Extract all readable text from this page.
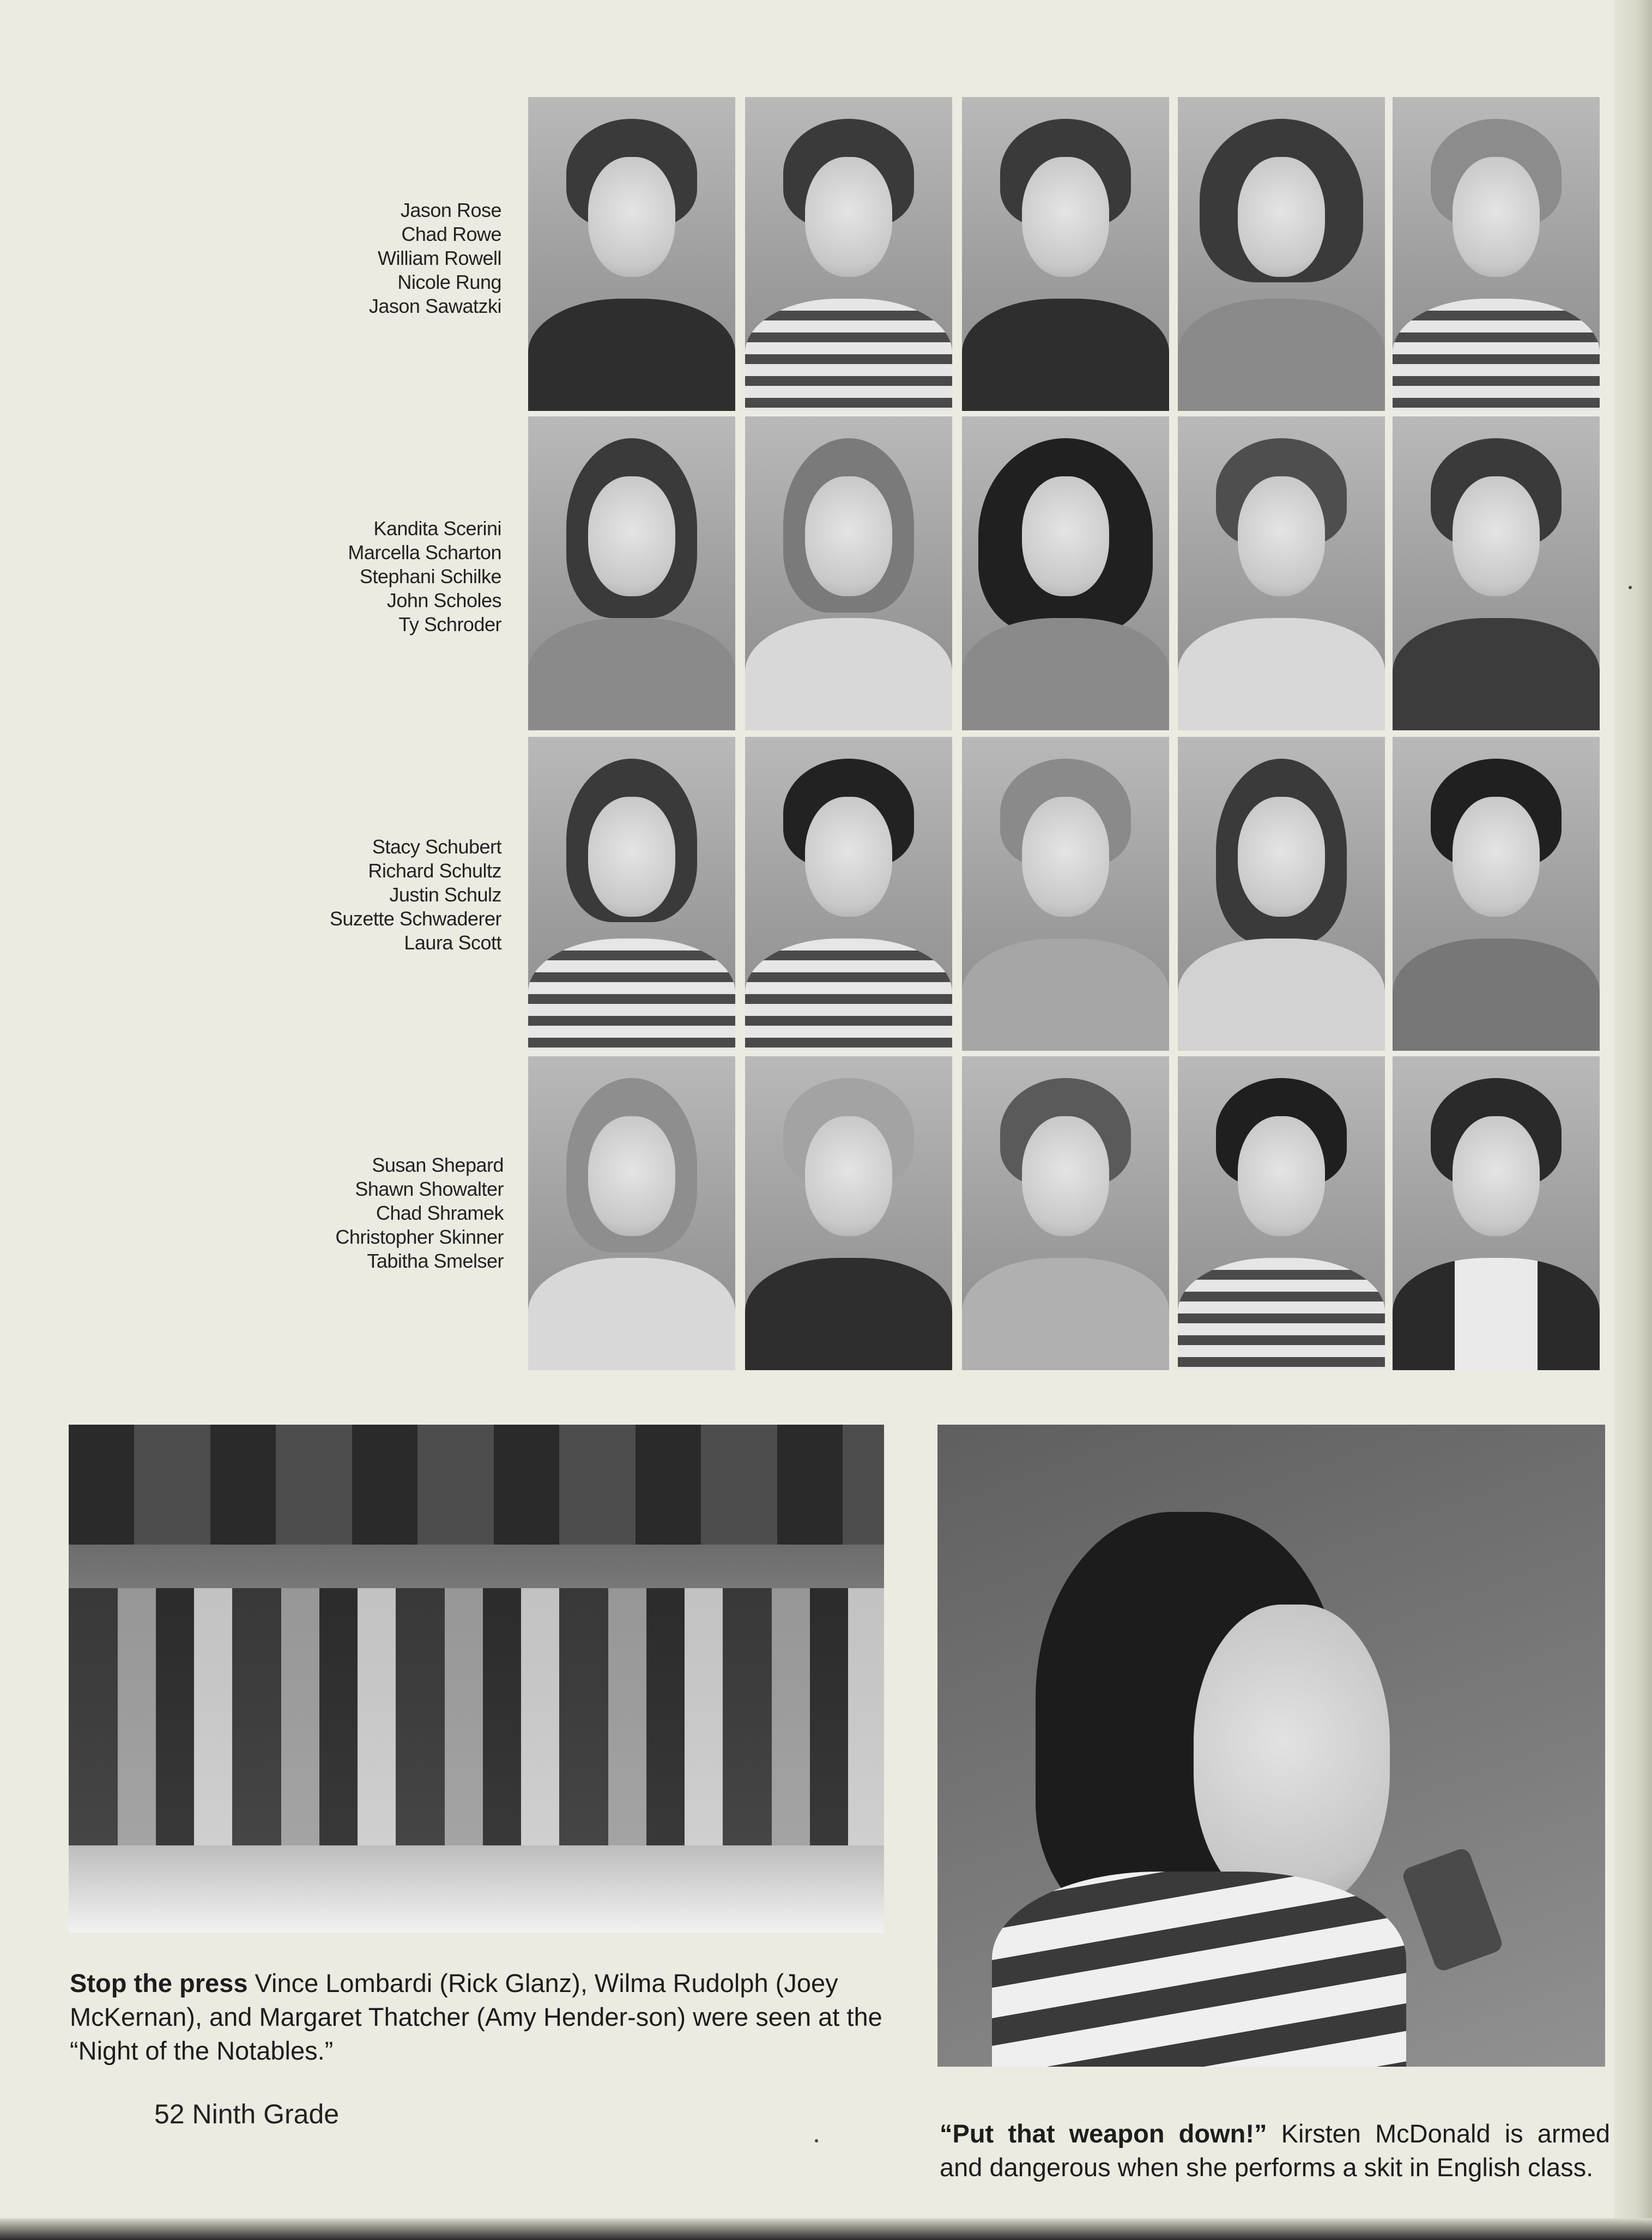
Jason Rose
Chad Rowe
William Rowell
Nicole Rung
Jason Sawatzki
Kandita Scerini
Marcella Scharton
Stephani Schilke
John Scholes
Ty Schroder
Stacy Schubert
Richard Schultz
Justin Schulz
Suzette Schwaderer
Laura Scott
Susan Shepard
Shawn Showalter
Chad Shramek
Christopher Skinner
Tabitha Smelser
Stop the press Vince Lombardi (Rick Glanz), Wilma Rudolph (Joey McKernan), and Margaret Thatcher (Amy Hender-son) were seen at the “Night of the Notables.”
52 Ninth Grade
“Put that weapon down!” Kirsten McDonald is armed and dangerous when she performs a skit in English class.
